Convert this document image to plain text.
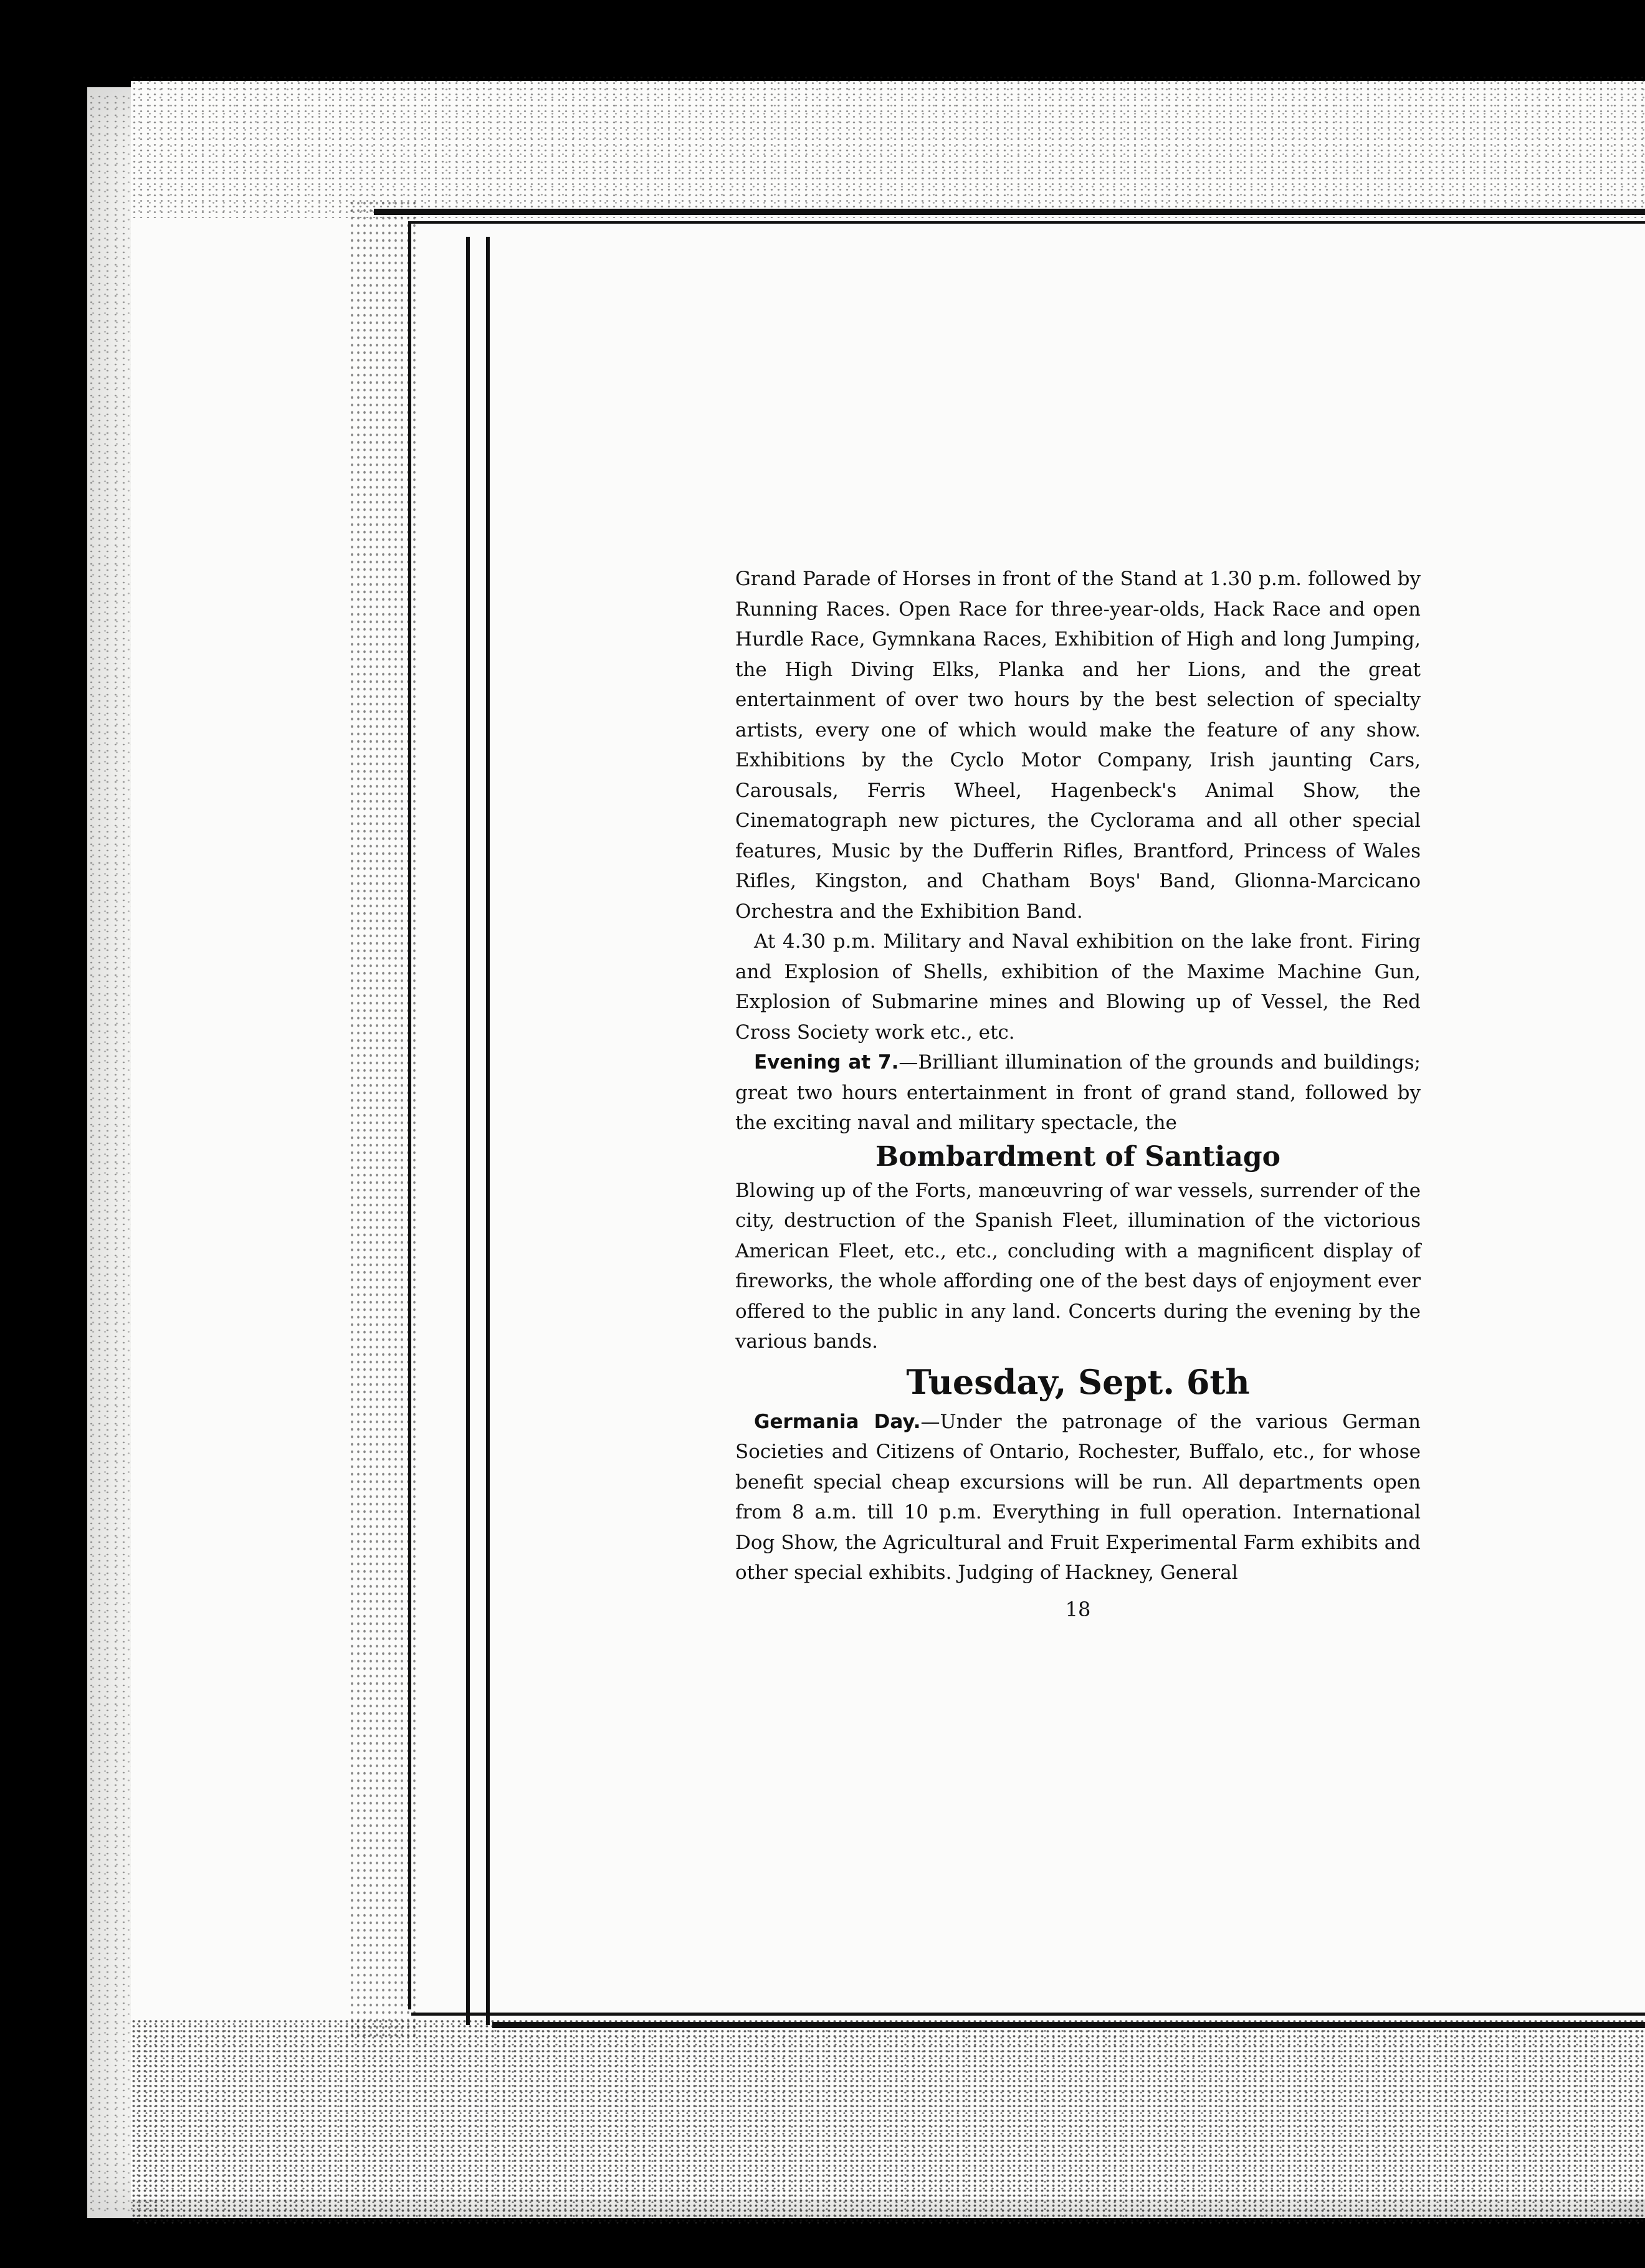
Grand Parade of Horses in front of the Stand at 1.30 p.m. followed by Running Races. Open Race for three-year-olds, Hack Race and open Hurdle Race, Gymnkana Races, Exhibition of High and long Jumping, the High Diving Elks, Planka and her Lions, and the great entertainment of over two hours by the best selection of specialty artists, every one of which would make the feature of any show. Exhibitions by the Cyclo Motor Company, Irish jaunting Cars, Carousals, Ferris Wheel, Hagenbeck's Animal Show, the Cinematograph new pictures, the Cyclorama and all other special features, Music by the Dufferin Rifles, Brantford, Princess of Wales Rifles, Kingston, and Chatham Boys' Band, Glionna-Marcicano Orchestra and the Exhibition Band.

At 4.30 p.m. Military and Naval exhibition on the lake front. Firing and Explosion of Shells, exhibition of the Maxime Machine Gun, Explosion of Submarine mines and Blowing up of Vessel, the Red Cross Society work etc., etc.

Evening at 7.—Brilliant illumination of the grounds and buildings; great two hours entertainment in front of grand stand, followed by the exciting naval and military spectacle, the

Bombardment of Santiago

Blowing up of the Forts, manœuvring of war vessels, surrender of the city, destruction of the Spanish Fleet, illumination of the victorious American Fleet, etc., etc., concluding with a magnificent display of fireworks, the whole affording one of the best days of enjoyment ever offered to the public in any land. Concerts during the evening by the various bands.

Tuesday, Sept. 6th

Germania Day.—Under the patronage of the various German Societies and Citizens of Ontario, Rochester, Buffalo, etc., for whose benefit special cheap excursions will be run. All departments open from 8 a.m. till 10 p.m. Everything in full operation. International Dog Show, the Agricultural and Fruit Experimental Farm exhibits and other special exhibits. Judging of Hackney, General

18
